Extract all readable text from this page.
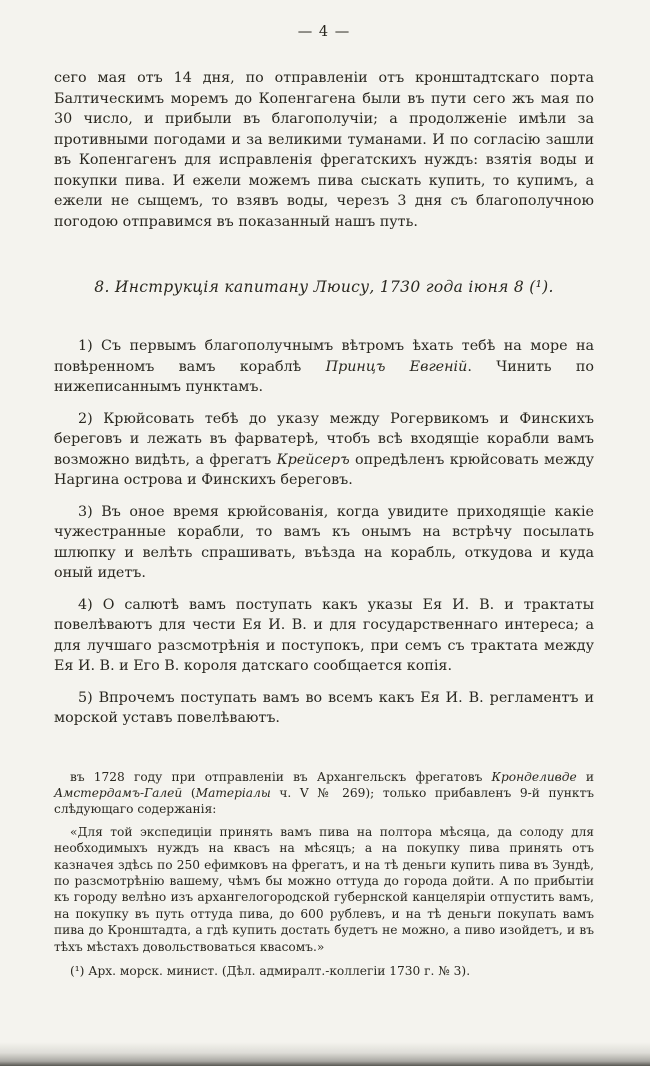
— 4 —

сего мая отъ 14 дня, по отправленіи отъ кронштадтскаго порта Балтическимъ моремъ до Копенгагена были въ пути сего жъ мая по 30 число, и прибыли въ благополучіи; а продолженіе имѣли за противными погодами и за великими туманами. И по согласію зашли въ Копенгагенъ для исправленія фрегатскихъ нуждъ: взятія воды и покупки пива. И ежели можемъ пива сыскать купить, то купимъ, а ежели не сыщемъ, то взявъ воды, черезъ 3 дня съ благополучною погодою отправимся въ показанный нашъ путь.

8. Инструкція капитану Люису, 1730 года іюня 8 (¹).

1) Съ первымъ благополучнымъ вѣтромъ ѣхать тебѣ на море на повѣренномъ вамъ кораблѣ Принцъ Евгеній. Чинить по нижеписаннымъ пунктамъ.

2) Крюйсовать тебѣ до указу между Рогервикомъ и Финскихъ береговъ и лежать въ фарватерѣ, чтобъ всѣ входящіе корабли вамъ возможно видѣть, а фрегатъ Крейсеръ опредѣленъ крюйсовать между Наргина острова и Финскихъ береговъ.

3) Въ оное время крюйсованія, когда увидите приходящіе какіе чужестранные корабли, то вамъ къ онымъ на встрѣчу посылать шлюпку и велѣть спрашивать, въѣзда на корабль, откудова и куда оный идетъ.

4) О салютѣ вамъ поступать какъ указы Ея И. В. и трактаты повелѣваютъ для чести Ея И. В. и для государственнаго интереса; а для лучшаго разсмотрѣнія и поступокъ, при семъ съ трактата между Ея И. В. и Его В. короля датскаго сообщается копія.

5) Впрочемъ поступать вамъ во всемъ какъ Ея И. В. регламентъ и морской уставъ повелѣваютъ.

въ 1728 году при отправленіи въ Архангельскъ фрегатовъ Кронделивде и Амстердамъ-Галей (Матеріалы ч. V № 269); только прибавленъ 9-й пунктъ слѣдующаго содержанія:

«Для той экспедиціи принять вамъ пива на полтора мѣсяца, да солоду для необходимыхъ нуждъ на квасъ на мѣсяцъ; а на покупку пива принять отъ казначея здѣсь по 250 ефимковъ на фрегатъ, и на тѣ деньги купить пива въ Зундѣ, по разсмотрѣнію вашему, чѣмъ бы можно оттуда до города дойти. А по прибытіи къ городу велѣно изъ архангелогородской губернской канцеляріи отпустить вамъ, на покупку въ путь оттуда пива, до 600 рублевъ, и на тѣ деньги покупать вамъ пива до Кронштадта, а гдѣ купить достать будетъ не можно, а пиво изойдетъ, и въ тѣхъ мѣстахъ довольствоваться квасомъ.»

(¹) Арх. морск. минист. (Дѣл. адмиралт.-коллегіи 1730 г. № 3).
